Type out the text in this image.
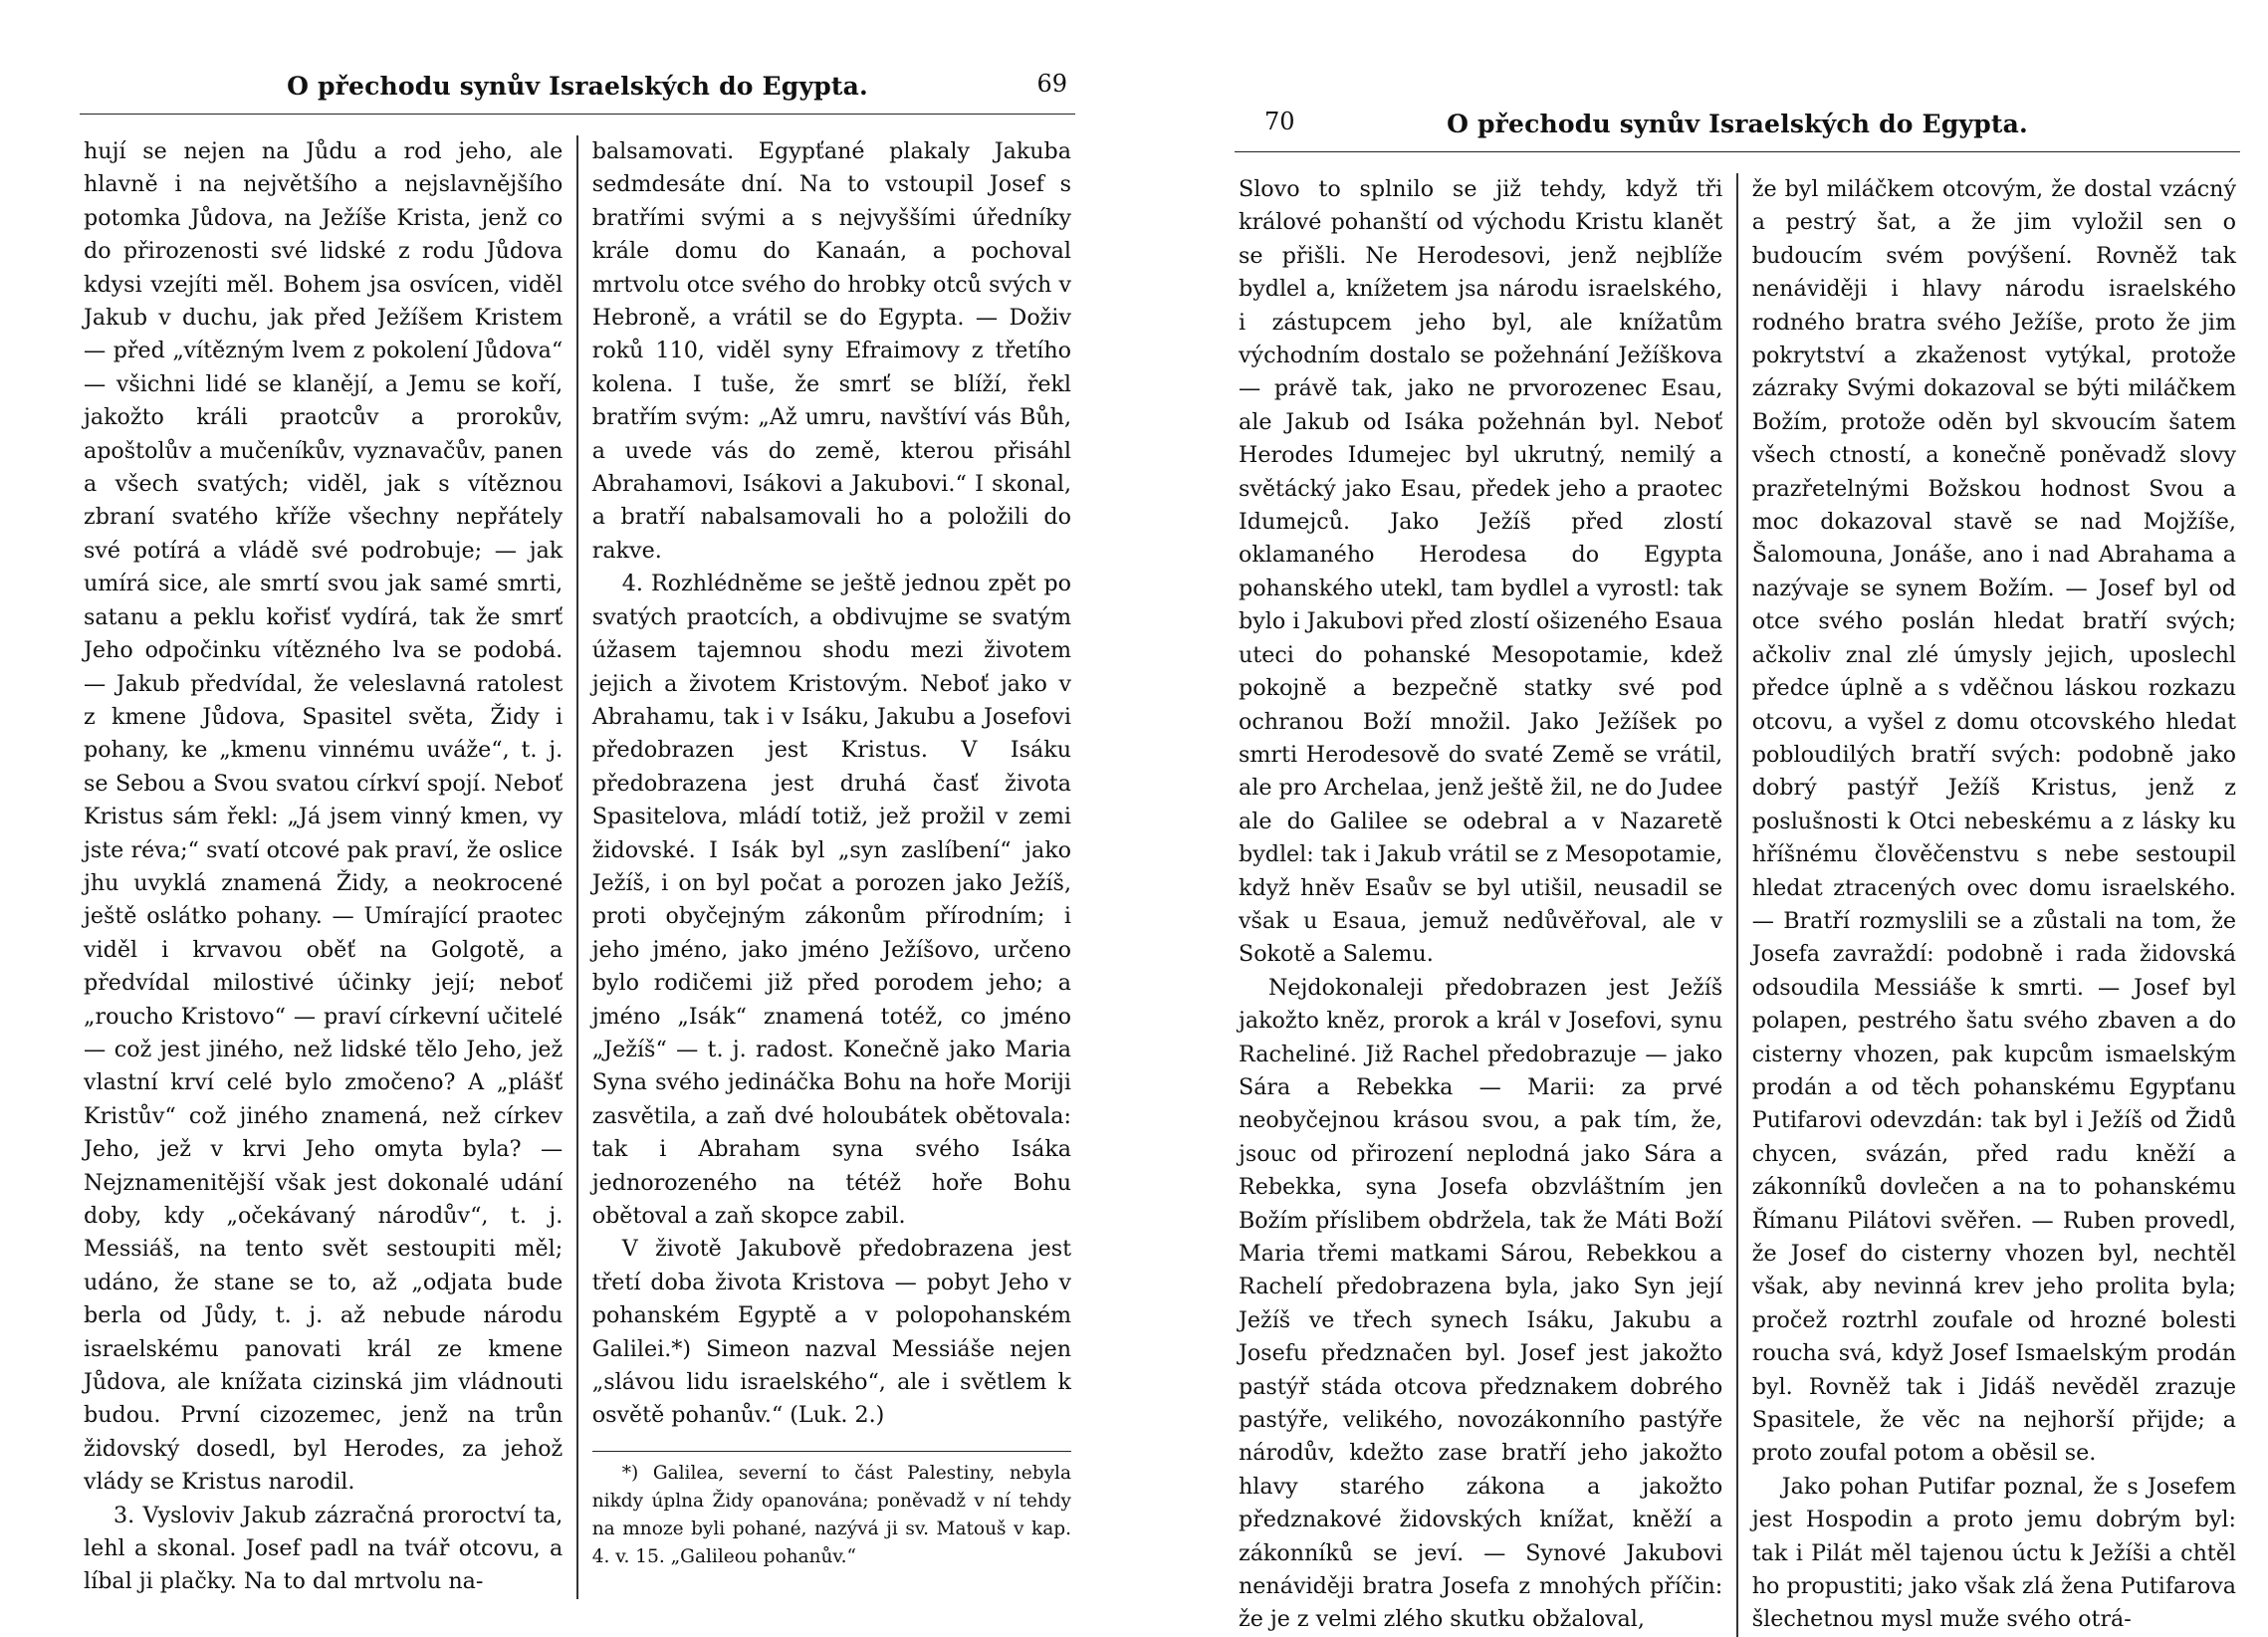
O přechodu synův Israelských do Egypta.	69

hují se nejen na Jůdu a rod jeho, ale hlavně i na největšího a nejslavnějšího potomka Jůdova, na Ježíše Krista, jenž co do přirozenosti své lidské z rodu Jůdova kdysi vzejíti měl. Bohem jsa osvícen, viděl Jakub v duchu, jak před Ježíšem Kristem — před „vítězným lvem z pokolení Jůdova“ — všichni lidé se klanějí, a Jemu se koří, jakožto králi praotcův a prorokův, apoštolův a mučeníkův, vyznavačův, panen a všech svatých; viděl, jak s vítěznou zbraní svatého kříže všechny nepřátely své potírá a vládě své podrobuje; — jak umírá sice, ale smrtí svou jak samé smrti, satanu a peklu kořisť vydírá, tak že smrť Jeho odpočinku vítězného lva se podobá. — Jakub předvídal, že veleslavná ratolest z kmene Jůdova, Spasitel světa, Židy i pohany, ke „kmenu vinnému uváže“, t. j. se Sebou a Svou svatou církví spojí. Neboť Kristus sám řekl: „Já jsem vinný kmen, vy jste réva;“ svatí otcové pak praví, že oslice jhu uvyklá znamená Židy, a neokrocené ještě oslátko pohany. — Umírající praotec viděl i krvavou oběť na Golgotě, a předvídal milostivé účinky její; neboť „roucho Kristovo“ — praví církevní učitelé — což jest jiného, než lidské tělo Jeho, jež vlastní krví celé bylo zmočeno? A „plášť Kristův“ což jiného znamená, než církev Jeho, jež v krvi Jeho omyta byla? — Nejznamenitější však jest dokonalé udání doby, kdy „očekávaný národův“, t. j. Messiáš, na tento svět sestoupiti měl; udáno, že stane se to, až „odjata bude berla od Jůdy, t. j. až nebude národu israelskému panovati král ze kmene Jůdova, ale knížata cizinská jim vládnouti budou. První cizozemec, jenž na trůn židovský dosedl, byl Herodes, za jehož vlády se Kristus narodil.

3. Vysloviv Jakub zázračná proroctví ta, lehl a skonal. Josef padl na tvář otcovu, a líbal ji plačky. Na to dal mrtvolu na-

balsamovati. Egypťané plakaly Jakuba sedmdesáte dní. Na to vstoupil Josef s bratřími svými a s nejvyššími úředníky krále domu do Kanaán, a pochoval mrtvolu otce svého do hrobky otců svých v Hebroně, a vrátil se do Egypta. — Doživ roků 110, viděl syny Efraimovy z třetího kolena. I tuše, že smrť se blíží, řekl bratřím svým: „Až umru, navštíví vás Bůh, a uvede vás do země, kterou přisáhl Abrahamovi, Isákovi a Jakubovi.“ I skonal, a bratří nabalsamovali ho a položili do rakve.

4. Rozhlédněme se ještě jednou zpět po svatých praotcích, a obdivujme se svatým úžasem tajemnou shodu mezi životem jejich a životem Kristovým. Neboť jako v Abrahamu, tak i v Isáku, Jakubu a Josefovi předobrazen jest Kristus. V Isáku předobrazena jest druhá časť života Spasitelova, mládí totiž, jež prožil v zemi židovské. I Isák byl „syn zaslíbení“ jako Ježíš, i on byl počat a porozen jako Ježíš, proti obyčejným zákonům přírodním; i jeho jméno, jako jméno Ježíšovo, určeno bylo rodičemi již před porodem jeho; a jméno „Isák“ znamená totéž, co jméno „Ježíš“ — t. j. radost. Konečně jako Maria Syna svého jedináčka Bohu na hoře Moriji zasvětila, a zaň dvé holoubátek obětovala: tak i Abraham syna svého Isáka jednorozeného na tétéž hoře Bohu obětoval a zaň skopce zabil.

V životě Jakubově předobrazena jest třetí doba života Kristova — pobyt Jeho v pohanském Egyptě a v polopohanském Galilei.*) Simeon nazval Messiáše nejen „slávou lidu israelského“, ale i světlem k osvětě pohanův.“ (Luk. 2.)

*) Galilea, severní to část Palestiny, nebyla nikdy úplna Židy opanována; poněvadž v ní tehdy na mnoze byli pohané, nazývá ji sv. Matouš v kap. 4. v. 15. „Galileou pohanův.“

70	O přechodu synův Israelských do Egypta.

Slovo to splnilo se již tehdy, když tři králové pohanští od východu Kristu klanět se přišli. Ne Herodesovi, jenž nejblíže bydlel a, knížetem jsa národu israelského, i zástupcem jeho byl, ale knížatům východním dostalo se požehnání Ježíškova — právě tak, jako ne prvorozenec Esau, ale Jakub od Isáka požehnán byl. Neboť Herodes Idumejec byl ukrutný, nemilý a světácký jako Esau, předek jeho a praotec Idumejců. Jako Ježíš před zlostí oklamaného Herodesa do Egypta pohanského utekl, tam bydlel a vyrostl: tak bylo i Jakubovi před zlostí ošizeného Esaua uteci do pohanské Mesopotamie, kdež pokojně a bezpečně statky své pod ochranou Boží množil. Jako Ježíšek po smrti Herodesově do svaté Země se vrátil, ale pro Archelaa, jenž ještě žil, ne do Judee ale do Galilee se odebral a v Nazaretě bydlel: tak i Jakub vrátil se z Mesopotamie, když hněv Esaův se byl utišil, neusadil se však u Esaua, jemuž nedůvěřoval, ale v Sokotě a Salemu.

Nejdokonaleji předobrazen jest Ježíš jakožto kněz, prorok a král v Josefovi, synu Racheliné. Již Rachel předobrazuje — jako Sára a Rebekka — Marii: za prvé neobyčejnou krásou svou, a pak tím, že, jsouc od přirození neplodná jako Sára a Rebekka, syna Josefa obzvláštním jen Božím příslibem obdržela, tak že Máti Boží Maria třemi matkami Sárou, Rebekkou a Rachelí předobrazena byla, jako Syn její Ježíš ve třech synech Isáku, Jakubu a Josefu předznačen byl. Josef jest jakožto pastýř stáda otcova předznakem dobrého pastýře, velikého, novozákonního pastýře národův, kdežto zase bratří jeho jakožto hlavy starého zákona a jakožto předznakové židovských knížat, kněží a zákonníků se jeví. — Synové Jakubovi nenáviději bratra Josefa z mnohých příčin: že je z velmi zlého skutku obžaloval,

že byl miláčkem otcovým, že dostal vzácný a pestrý šat, a že jim vyložil sen o budoucím svém povýšení. Rovněž tak nenáviději i hlavy národu israelského rodného bratra svého Ježíše, proto že jim pokrytství a zkaženost vytýkal, protože zázraky Svými dokazoval se býti miláčkem Božím, protože oděn byl skvoucím šatem všech ctností, a konečně poněvadž slovy prazřetelnými Božskou hodnost Svou a moc dokazoval stavě se nad Mojžíše, Šalomouna, Jonáše, ano i nad Abrahama a nazývaje se synem Božím. — Josef byl od otce svého poslán hledat bratří svých; ačkoliv znal zlé úmysly jejich, uposlechl předce úplně a s vděčnou láskou rozkazu otcovu, a vyšel z domu otcovského hledat pobloudilých bratří svých: podobně jako dobrý pastýř Ježíš Kristus, jenž z poslušnosti k Otci nebeskému a z lásky ku hříšnému člověčenstvu s nebe sestoupil hledat ztracených ovec domu israelského. — Bratří rozmyslili se a zůstali na tom, že Josefa zavraždí: podobně i rada židovská odsoudila Messiáše k smrti. — Josef byl polapen, pestrého šatu svého zbaven a do cisterny vhozen, pak kupcům ismaelským prodán a od těch pohanskému Egypťanu Putifarovi odevzdán: tak byl i Ježíš od Židů chycen, svázán, před radu kněží a zákonníků dovlečen a na to pohanskému Římanu Pilátovi svěřen. — Ruben provedl, že Josef do cisterny vhozen byl, nechtěl však, aby nevinná krev jeho prolita byla; pročež roztrhl zoufale od hrozné bolesti roucha svá, když Josef Ismaelským prodán byl. Rovněž tak i Jidáš nevěděl zrazuje Spasitele, že věc na nejhorší přijde; a proto zoufal potom a oběsil se.

Jako pohan Putifar poznal, že s Josefem jest Hospodin a proto jemu dobrým byl: tak i Pilát měl tajenou úctu k Ježíši a chtěl ho propustiti; jako však zlá žena Putifarova šlechetnou mysl muže svého otrá-
